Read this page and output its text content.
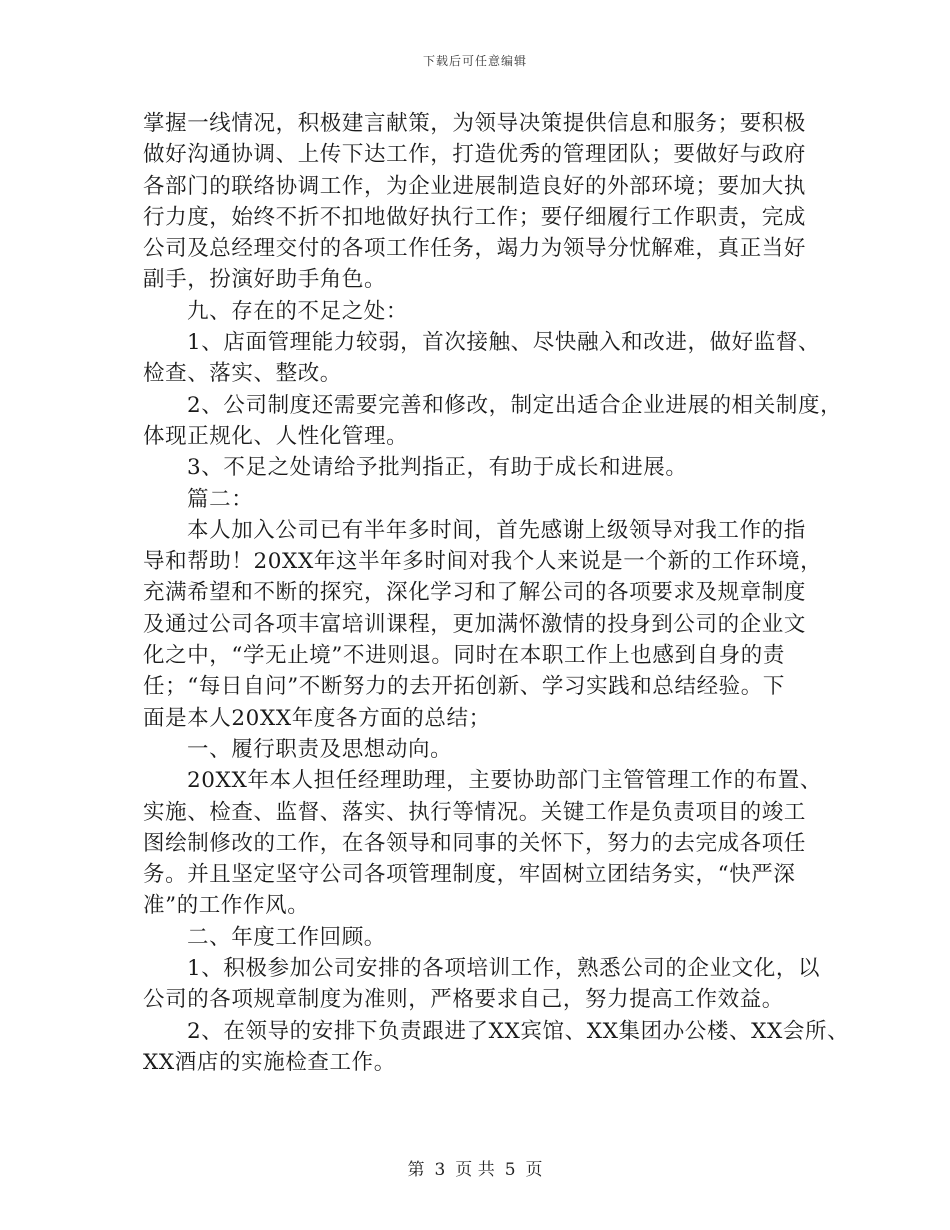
下载后可任意编辑
掌握一线情况，积极建言献策，为领导决策提供信息和服务；要积极
做好沟通协调、上传下达工作，打造优秀的管理团队；要做好与政府
各部门的联络协调工作，为企业进展制造良好的外部环境；要加大执
行力度，始终不折不扣地做好执行工作；要仔细履行工作职责，完成
公司及总经理交付的各项工作任务，竭力为领导分忧解难，真正当好
副手，扮演好助手角色。
九、存在的不足之处：
1、店面管理能力较弱，首次接触、尽快融入和改进，做好监督、
检查、落实、整改。
2、公司制度还需要完善和修改，制定出适合企业进展的相关制度，
体现正规化、人性化管理。
3、不足之处请给予批判指正，有助于成长和进展。
篇二：
本人加入公司已有半年多时间，首先感谢上级领导对我工作的指
导和帮助！20XX年这半年多时间对我个人来说是一个新的工作环境，
充满希望和不断的探究，深化学习和了解公司的各项要求及规章制度
及通过公司各项丰富培训课程，更加满怀激情的投身到公司的企业文
化之中，“学无止境”不进则退。同时在本职工作上也感到自身的责
任；“每日自问”不断努力的去开拓创新、学习实践和总结经验。下
面是本人20XX年度各方面的总结；
一、履行职责及思想动向。
20XX年本人担任经理助理，主要协助部门主管管理工作的布置、
实施、检查、监督、落实、执行等情况。关键工作是负责项目的竣工
图绘制修改的工作，在各领导和同事的关怀下，努力的去完成各项任
务。并且坚定坚守公司各项管理制度，牢固树立团结务实，“快严深
准”的工作作风。
二、年度工作回顾。
1、积极参加公司安排的各项培训工作，熟悉公司的企业文化，以
公司的各项规章制度为准则，严格要求自己，努力提高工作效益。
2、在领导的安排下负责跟进了XX宾馆、XX集团办公楼、XX会所、
XX酒店的实施检查工作。
第 3 页 共 5 页
